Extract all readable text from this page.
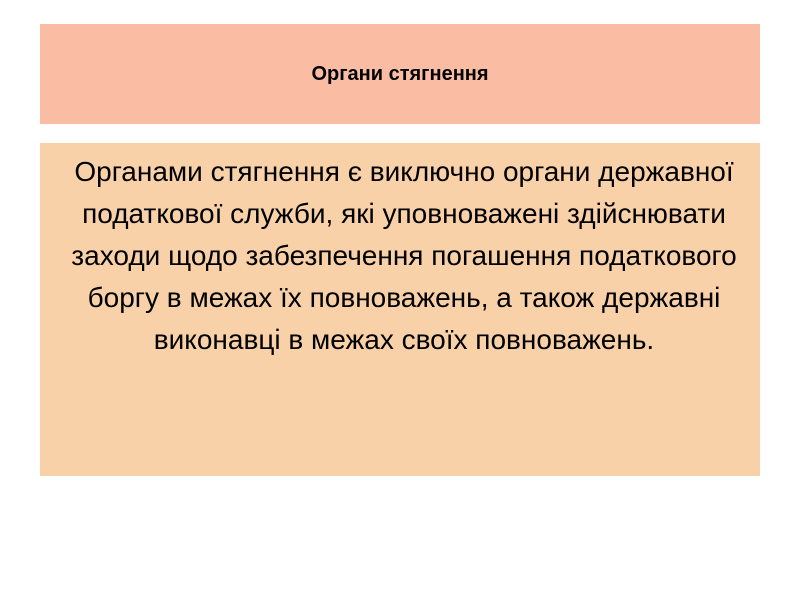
Органи стягнення

Органами стягнення є виключно органи державної податкової служби, які уповноважені здійснювати заходи щодо забезпечення погашення податкового боргу в межах їх повноважень, а також державні виконавці в межах своїх повноважень.
